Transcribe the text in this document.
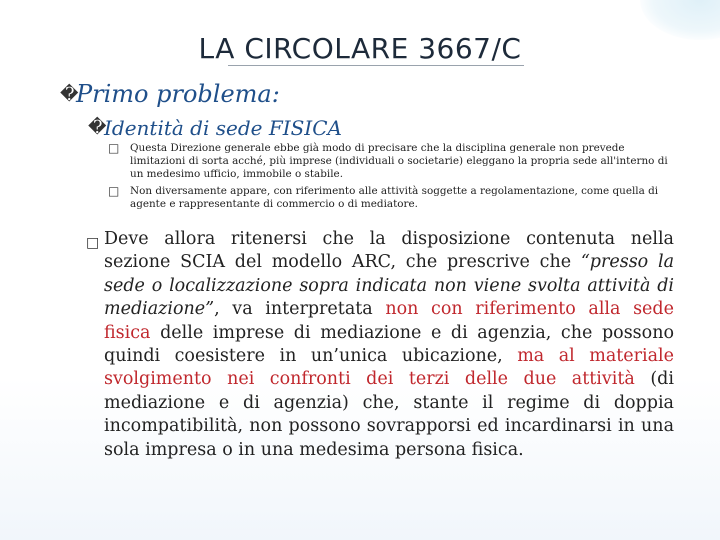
LA CIRCOLARE 3667/C
�Primo problema:
�Identità di sede FISICA
□ Questa Direzione generale ebbe già modo di precisare che la disciplina generale non prevede limitazioni di sorta acché, più imprese (individuali o societarie) eleggano la propria sede all'interno di un medesimo ufficio, immobile o stabile.
□ Non diversamente appare, con riferimento alle attività soggette a regolamentazione, come quella di agente e rappresentante di commercio o di mediatore.
□ Deve allora ritenersi che la disposizione contenuta nella sezione SCIA del modello ARC, che prescrive che “presso la sede o localizzazione sopra indicata non viene svolta attività di mediazione”, va interpretata non con riferimento alla sede fisica delle imprese di mediazione e di agenzia, che possono quindi coesistere in un’unica ubicazione, ma al materiale svolgimento nei confronti dei terzi delle due attività (di mediazione e di agenzia) che, stante il regime di doppia incompatibilità, non possono sovrapporsi ed incardinarsi in una sola impresa o in una medesima persona fisica.
